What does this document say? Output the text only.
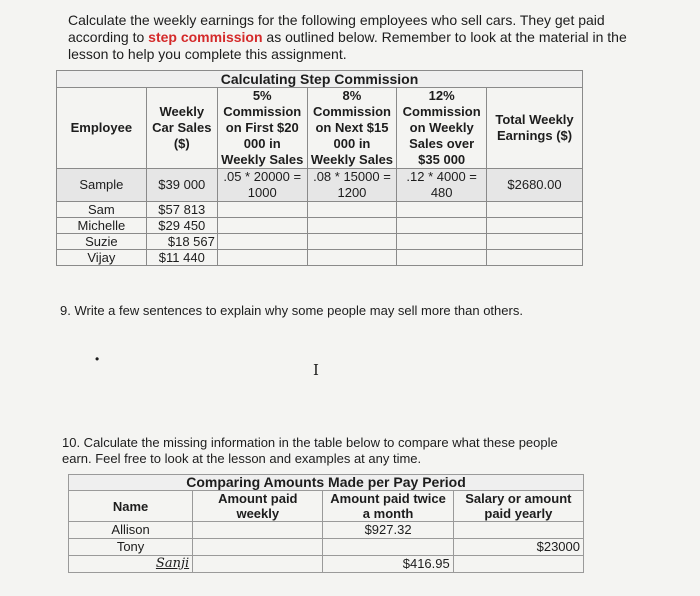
Calculate the weekly earnings for the following employees who sell cars. They get paid according to step commission as outlined below. Remember to look at the material in the lesson to help you complete this assignment.
Calculating Step Commission					
Employee	Weekly Car Sales ($)	5% Commission on First $20 000 in Weekly Sales	8% Commission on Next $15 000 in Weekly Sales	12% Commission on Weekly Sales over $35 000	Total Weekly Earnings ($)
Sample	$39 000	.05 * 20000 = 1000	.08 * 15000 = 1200	.12 * 4000 = 480	$2680.00
Sam	$57 813				
Michelle	$29 450				
Suzie	$18 567				
Vijay	$11 440				
9. Write a few sentences to explain why some people may sell more than others.
•
I
10. Calculate the missing information in the table below to compare what these people earn. Feel free to look at the lesson and examples at any time.
Comparing Amounts Made per Pay Period			
Name	Amount paid weekly	Amount paid twice a month	Salary or amount paid yearly
Allison		$927.32	
Tony			$23000
Sanji		$416.95	
